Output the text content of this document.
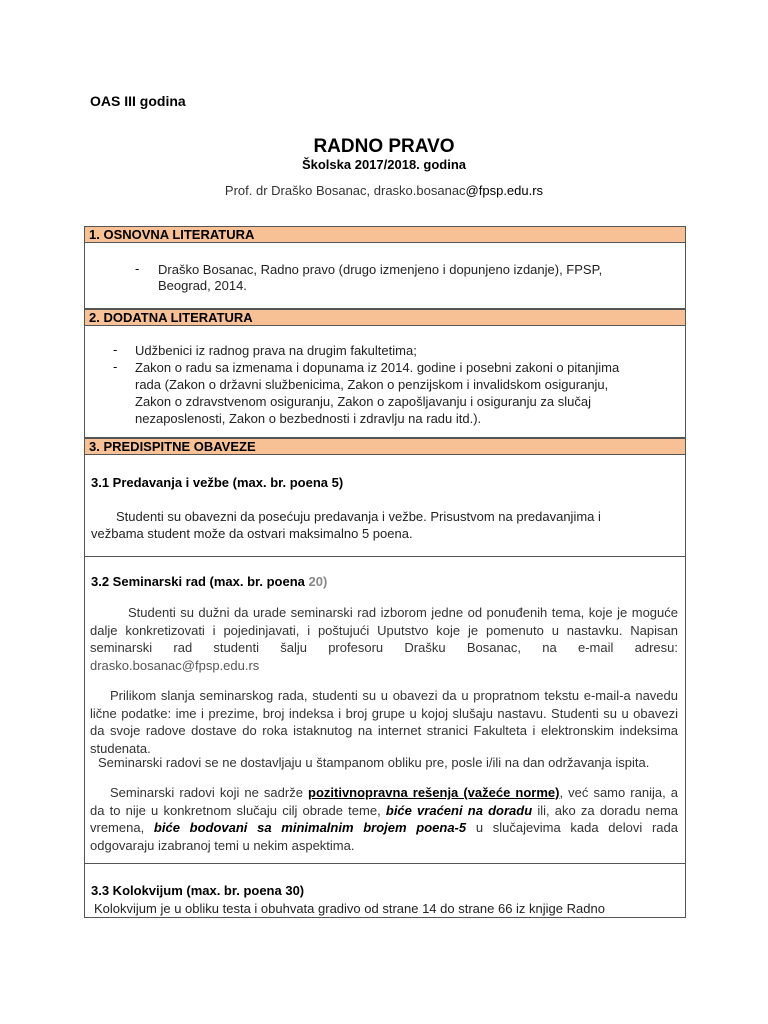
OAS III godina
RADNO PRAVO
Školska 2017/2018. godina
Prof. dr Draško Bosanac, drasko.bosanac@fpsp.edu.rs
1. OSNOVNA LITERATURA
- Draško Bosanac, Radno pravo (drugo izmenjeno i dopunjeno izdanje), FPSP,
Beograd, 2014.
2. DODATNA LITERATURA
- Udžbenici iz radnog prava na drugim fakultetima;
- Zakon o radu sa izmenama i dopunama iz 2014. godine i posebni zakoni o pitanjima
rada (Zakon o državni službenicima, Zakon o penzijskom i invalidskom osiguranju,
Zakon o zdravstvenom osiguranju, Zakon o zapošljavanju i osiguranju za slučaj
nezaposlenosti, Zakon o bezbednosti i zdravlju na radu itd.).
3. PREDISPITNE OBAVEZE
3.1 Predavanja i vežbe (max. br. poena 5)
Studenti su obavezni da posećuju predavanja i vežbe. Prisustvom na predavanjima i
vežbama student može da ostvari maksimalno 5 poena.
3.2 Seminarski rad (max. br. poena 20)
Studenti su dužni da urade seminarski rad izborom jedne od ponuđenih tema, koje je moguće dalje konkretizovati i pojedinjavati, i poštujući Uputstvo koje je pomenuto u nastavku. Napisan seminarski rad studenti šalju profesoru Drašku Bosanac, na e-mail adresu: drasko.bosanac@fpsp.edu.rs
Prilikom slanja seminarskog rada, studenti su u obavezi da u propratnom tekstu e-mail-a navedu lične podatke: ime i prezime, broj indeksa i broj grupe u kojoj slušaju nastavu. Studenti su u obavezi da svoje radove dostave do roka istaknutog na internet stranici Fakulteta i elektronskim indeksima studenata.
Seminarski radovi se ne dostavljaju u štampanom obliku pre, posle i/ili na dan održavanja ispita.
Seminarski radovi koji ne sadrže pozitivnopravna rešenja (važeće norme), već samo ranija, a da to nije u konkretnom slučaju cilj obrade teme, biće vraćeni na doradu ili, ako za doradu nema vremena, biće bodovani sa minimalnim brojem poena-5 u slučajevima kada delovi rada odgovaraju izabranoj temi u nekim aspektima.
3.3 Kolokvijum (max. br. poena 30)
Kolokvijum je u obliku testa i obuhvata gradivo od strane 14 do strane 66 iz knjige Radno
